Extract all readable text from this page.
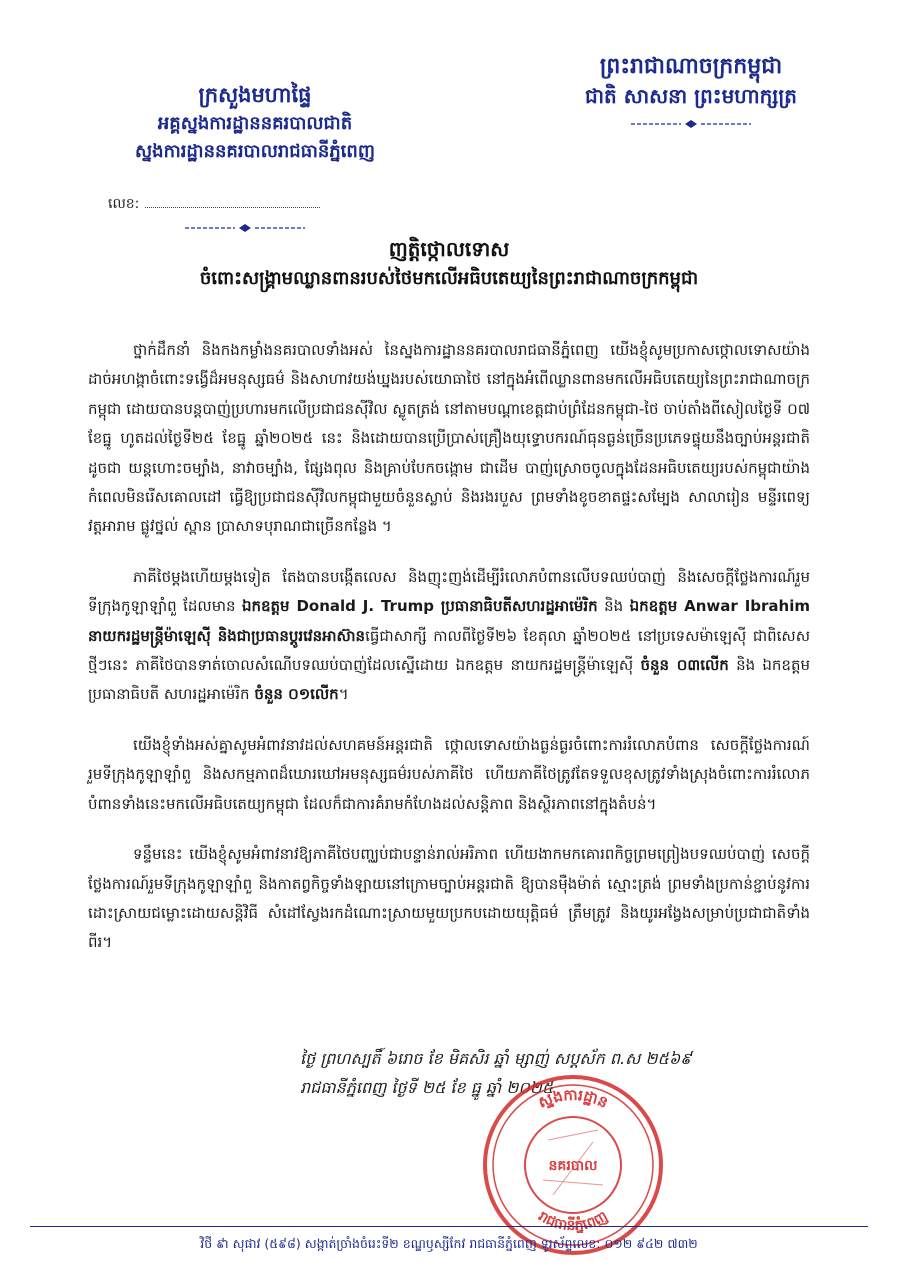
ព្រះរាជាណាចក្រកម្ពុជា
ជាតិ សាសនា ព្រះមហាក្សត្រ
ក្រសួងមហាផ្ទៃ
អគ្គស្នងការដ្ឋាននគរបាលជាតិ
ស្នងការដ្ឋាននគរបាលរាជធានីភ្នំពេញ
លេខ:
ញត្តិថ្កោលទោស
ចំពោះសង្គ្រាមឈ្លានពានរបស់ថៃមកលើអធិបតេយ្យនៃព្រះរាជាណាចក្រកម្ពុជា

ថ្នាក់ដឹកនាំ និងកងកម្លាំងនគរបាលទាំងអស់ នៃស្នងការដ្ឋាននគរបាលរាជធានីភ្នំពេញ យើងខ្ញុំសូមប្រកាសថ្កោលទោសយ៉ាងដាច់អហង្កាចំពោះទង្វើដ៏អមនុស្សធម៌ និងសាហាវយង់ឃ្នងរបស់យោធាថៃ នៅក្នុងអំពើឈ្លានពានមកលើអធិបតេយ្យនៃព្រះរាជាណាចក្រកម្ពុជា ដោយបានបន្តបាញ់ប្រហារមកលើប្រជាជនស៊ីវិល ស្លូតត្រង់ នៅតាមបណ្តាខេត្តជាប់ព្រំដែនកម្ពុជា-ថៃ ចាប់តាំងពីសៀលថ្ងៃទី ០៧ ខែធ្នូ ហូតដល់ថ្ងៃទី២៥ ខែធ្នូ ឆ្នាំ២០២៥ នេះ និងដោយបានប្រើប្រាស់គ្រឿងយុទ្ធោបករណ៍ធុនធ្ងន់ច្រើនប្រភេទផ្ទុយនឹងច្បាប់អន្តរជាតិ ដូចជា យន្តហោះចម្បាំង, នាវាចម្បាំង, ផ្សែងពុល និងគ្រាប់បែកចង្កោម ជាដើម បាញ់ស្រោចចូលក្នុងដែនអធិបតេយ្យរបស់កម្ពុជាយ៉ាងកំពេលមិនរើសគោលដៅ ធ្វើឱ្យប្រជាជនស៊ីវិលកម្ពុជាមួយចំនួនស្លាប់ និងរងរបួស ព្រមទាំងខូចខាតផ្ទះសម្បែង សាលារៀន មន្ទីរពេទ្យ វត្តអារាម ផ្លូវថ្នល់ ស្ពាន ប្រាសាទបុរាណជាច្រើនកន្លែង ។

ភាគីថៃម្តងហើយម្តងទៀត តែងបានបង្កើតលេស និងញុះញង់ដើម្បីរំលោភបំពានលើបទឈប់បាញ់ និងសេចក្តីថ្លែងការណ៍រួមទីក្រុងកូឡាឡាំពួ ដែលមាន ឯកឧត្តម Donald J. Trump ប្រធានាធិបតីសហរដ្ឋអាម៉េរិក និង ឯកឧត្តម Anwar Ibrahim នាយករដ្ឋមន្ត្រីម៉ាឡេស៊ី និងជាប្រធានប្តូរវេនអាស៊ានធ្វើជាសាក្សី កាលពីថ្ងៃទី២៦ ខែតុលា ឆ្នាំ២០២៥ នៅប្រទេសម៉ាឡេស៊ី ជាពិសេសថ្មីៗនេះ ភាគីថៃបានទាត់ចោលសំណើបទឈប់បាញ់ដែលស្នើដោយ ឯកឧត្តម នាយករដ្ឋមន្ត្រីម៉ាឡេស៊ី ចំនួន ០៣លើក និង ឯកឧត្តម ប្រធានាធិបតី សហរដ្ឋអាម៉េរិក ចំនួន ០១លើក។

យើងខ្ញុំទាំងអស់គ្នាសូមអំពាវនាវដល់សហគមន៍អន្តរជាតិ ថ្កោលទោសយ៉ាងធ្ងន់ធ្ងរចំពោះការរំលោភបំពាន សេចក្តីថ្លែងការណ៍រួមទីក្រុងកូឡាឡាំពួ និងសកម្មភាពដ៏ឃោរឃៅអមនុស្សធម៌របស់ភាគីថៃ ហើយភាគីថៃត្រូវតែទទួលខុសត្រូវទាំងស្រុងចំពោះការរំលោភបំពានទាំងនេះមកលើអធិបតេយ្យកម្ពុជា ដែលក៏ជាការគំរាមកំហែងដល់សន្តិភាព និងស្ថិរភាពនៅក្នុងតំបន់។

ទន្ទឹមនេះ យើងខ្ញុំសូមអំពាវនាវឱ្យភាគីថៃបញ្ឈប់ជាបន្ទាន់រាល់អរិភាព ហើយងាកមកគោរពកិច្ចព្រមព្រៀងបទឈប់បាញ់ សេចក្តីថ្លែងការណ៍រួមទីក្រុងកូឡាឡាំពួ និងកាតព្វកិច្ចទាំងឡាយនៅក្រោមច្បាប់អន្តរជាតិ ឱ្យបានម៉ឺងម៉ាត់ ស្មោះត្រង់ ព្រមទាំងប្រកាន់ខ្ជាប់នូវការដោះស្រាយជម្លោះដោយសន្តិវិធី សំដៅស្វែងរកដំណោះស្រាយមួយប្រកបដោយយុត្តិធម៌ ត្រឹមត្រូវ និងយូរអង្វែងសម្រាប់ប្រជាជាតិទាំងពីរ។

ថ្ងៃ ព្រហស្បតិ៍ ៦រោច ខែ មិគសិរ ឆ្នាំ ម្សាញ់ សប្តស័ក ព.ស ២៥៦៩
រាជធានីភ្នំពេញ ថ្ងៃទី ២៥ ខែ ធ្នូ ឆ្នាំ ២០២៥
ស្នងការដ្ឋាន
រាជធានីភ្នំពេញ
នគរបាល
វិថី ៩ា សុផាវ (៥៩៨) សង្កាត់ច្រាំងចំរេះទី២ ខណ្ឌឫស្សីកែវ រាជធានីភ្នំពេញ ទូរស័ព្ទលេខ: ០១២ ៩៤២ ៧៣២
